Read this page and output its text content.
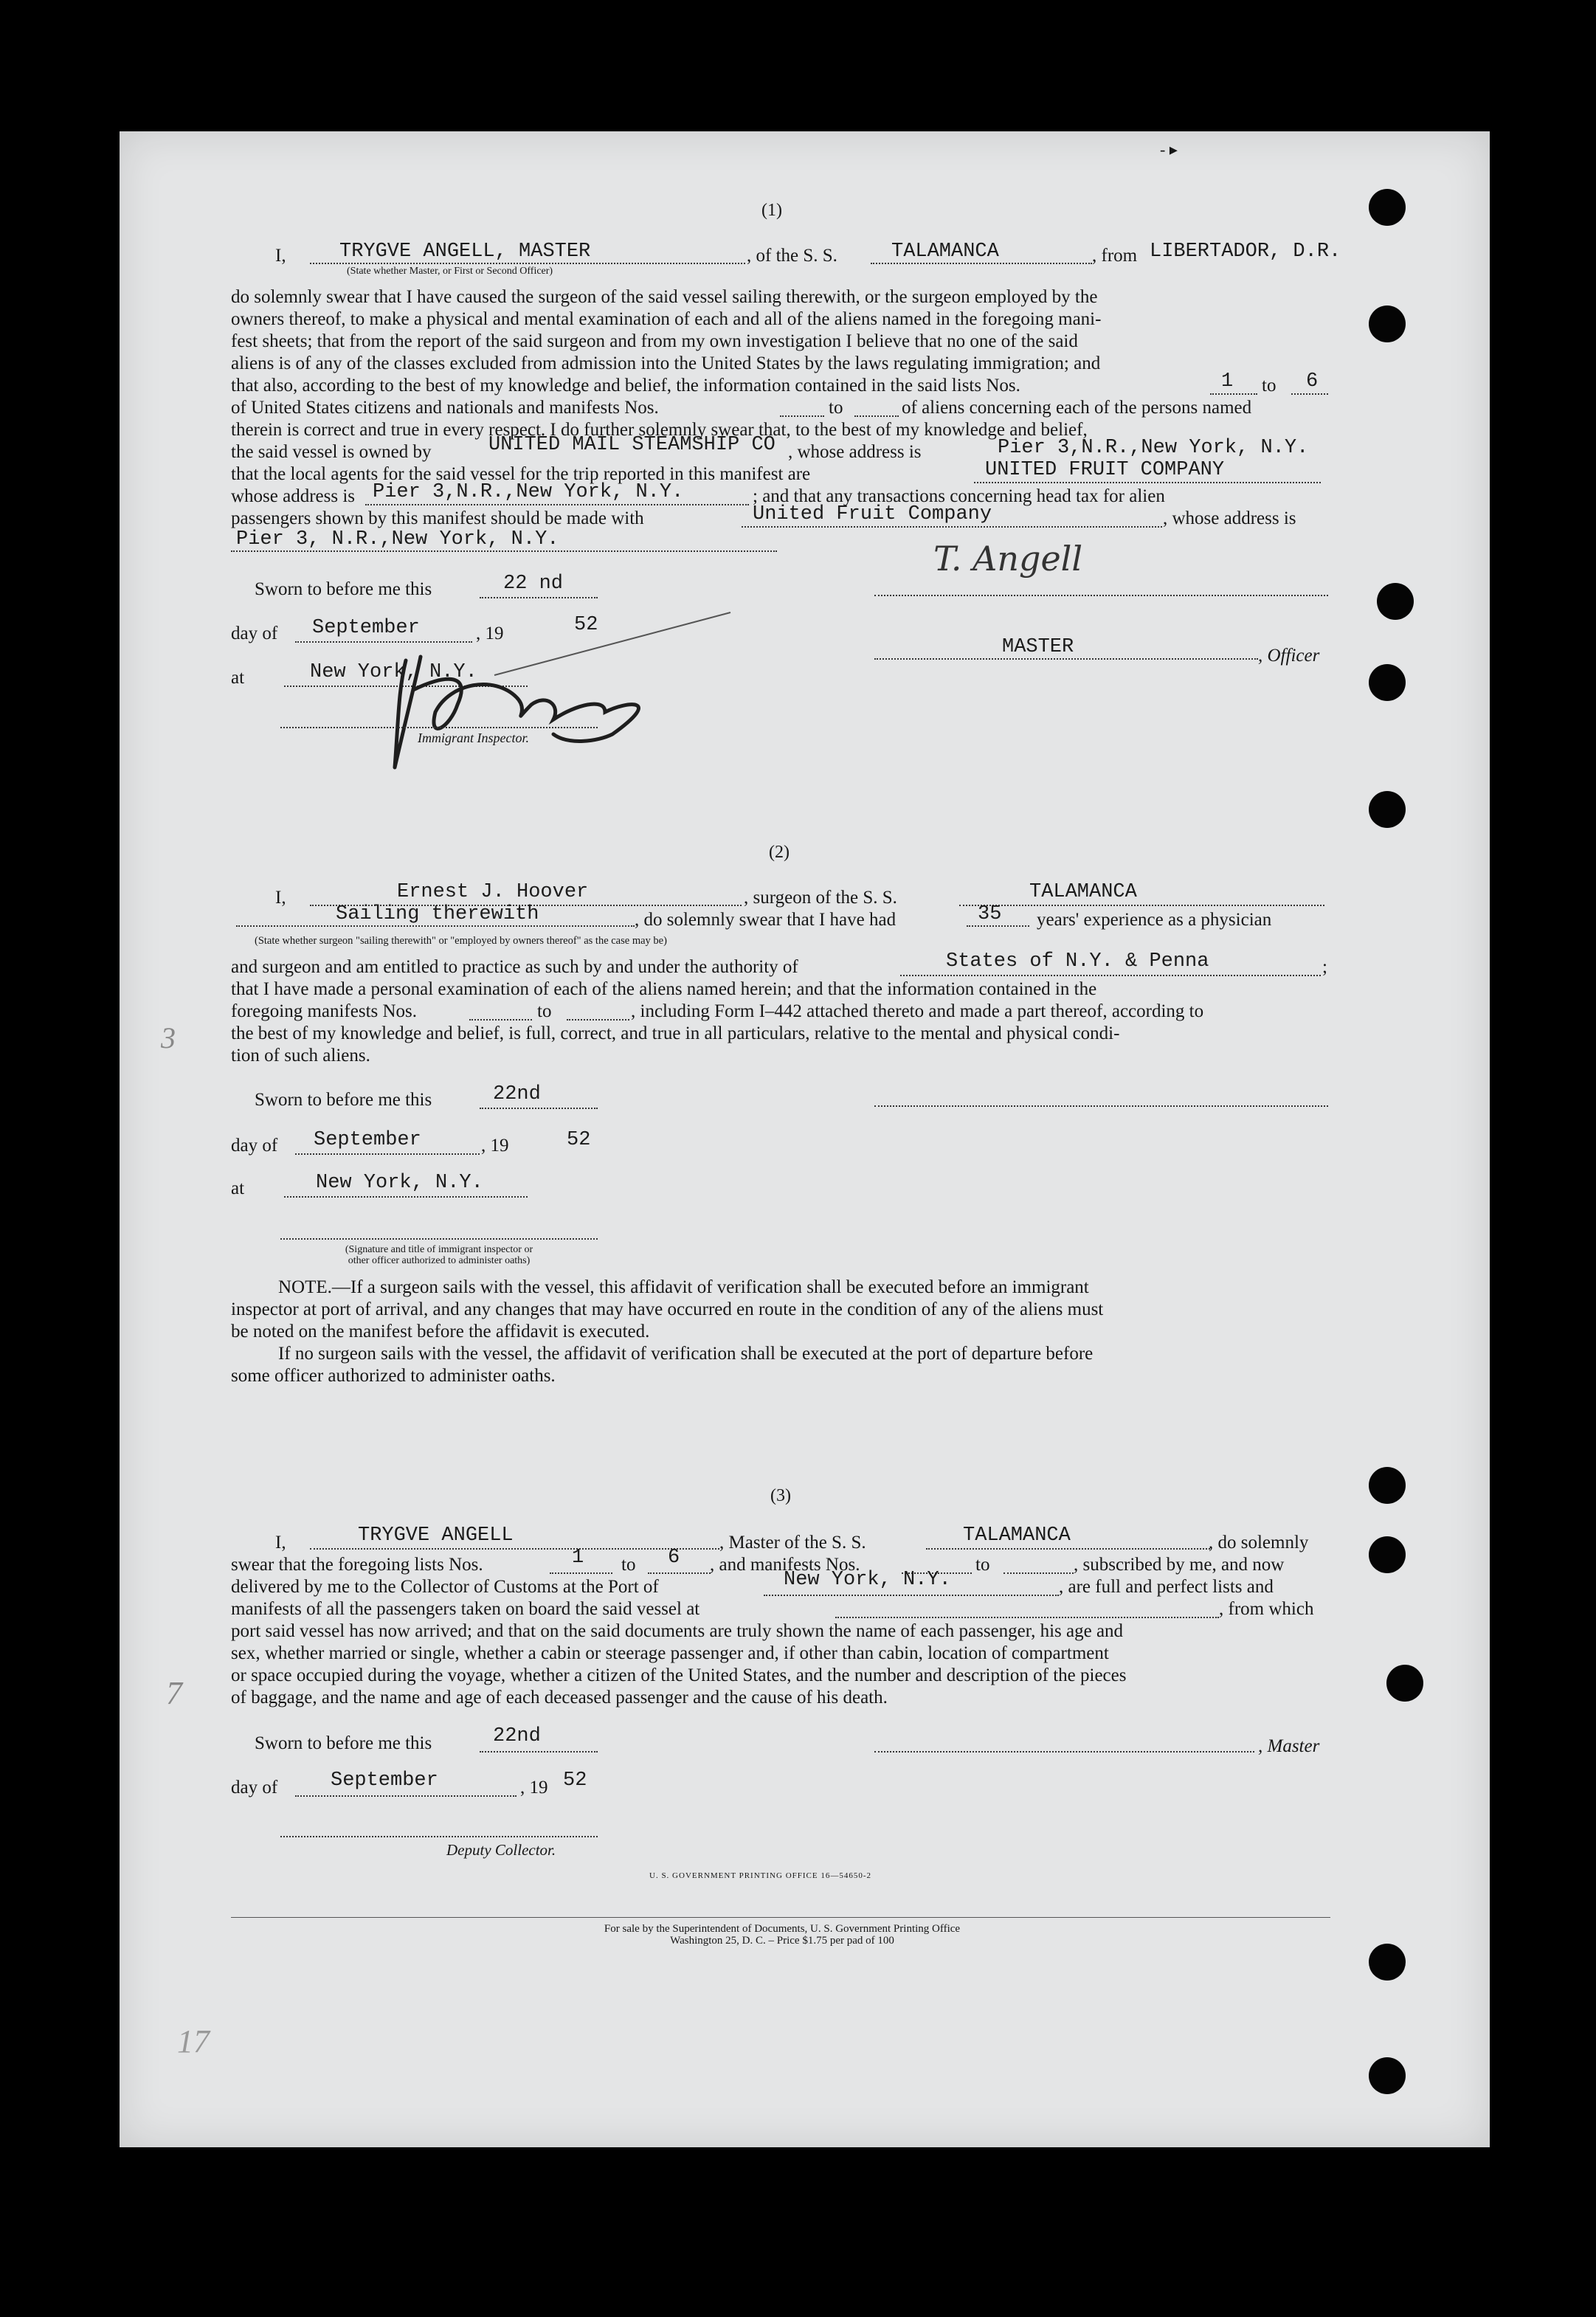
- ▸
(1)
I,	TRYGVE ANGELL, MASTER
(State whether Master, or First or Second Officer)
, of the S. S.	TALAMANCA	, from LIBERTADOR, D.R.
do solemnly swear that I have caused the surgeon of the said vessel sailing therewith, or the surgeon employed by the
owners thereof, to make a physical and mental examination of each and all of the aliens named in the foregoing mani-
fest sheets; that from the report of the said surgeon and from my own investigation I believe that no one of the said
aliens is of any of the classes excluded from admission into the United States by the laws regulating immigration; and
that also, according to the best of my knowledge and belief, the information contained in the said lists Nos.	1 to 6
of United States citizens and nationals and manifests Nos.	to	of aliens concerning each of the persons named
therein is correct and true in every respect. I do further solemnly swear that, to the best of my knowledge and belief,
the said vessel is owned by	UNITED MAIL STEAMSHIP CO , whose address is	Pier 3,N.R.,New York, N.Y.
that the local agents for the said vessel for the trip reported in this manifest are	UNITED FRUIT COMPANY
whose address is Pier 3,N.R.,New York, N.Y.	; and that any transactions concerning head tax for alien
passengers shown by this manifest should be made with	United Fruit Company	, whose address is
Pier 3, N.R.,New York, N.Y.
Sworn to before me this	22 nd
T. Angell
day of September	, 19	52
MASTER	, Officer
at	New York, N.Y.
Immigrant Inspector.
(2)
I,	Ernest J. Hoover	, surgeon of the S. S.	TALAMANCA
Sailing therewith	, do solemnly swear that I have had	35 years' experience as a physician
(State whether surgeon "sailing therewith" or "employed by owners thereof" as the case may be)
and surgeon and am entitled to practice as such by and under the authority of	States of N.Y. & Penna	;
that I have made a personal examination of each of the aliens named herein; and that the information contained in the
foregoing manifests Nos.	to	, including Form I–442 attached thereto and made a part thereof, according to
the best of my knowledge and belief, is full, correct, and true in all particulars, relative to the mental and physical condi-
tion of such aliens.
Sworn to before me this	22nd
day of September	, 19	52
at	New York, N.Y.
(Signature and title of immigrant inspector or
other officer authorized to administer oaths)
NOTE.—If a surgeon sails with the vessel, this affidavit of verification shall be executed before an immigrant
inspector at port of arrival, and any changes that may have occurred en route in the condition of any of the aliens must
be noted on the manifest before the affidavit is executed.
If no surgeon sails with the vessel, the affidavit of verification shall be executed at the port of departure before
some officer authorized to administer oaths.
(3)
I,	TRYGVE ANGELL	, Master of the S. S.	TALAMANCA	, do solemnly
swear that the foregoing lists Nos.	1 to 6 , and manifests Nos.	to	, subscribed by me, and now
delivered by me to the Collector of Customs at the Port of	New York, N.Y.	, are full and perfect lists and
manifests of all the passengers taken on board the said vessel at	, from which
port said vessel has now arrived; and that on the said documents are truly shown the name of each passenger, his age and
sex, whether married or single, whether a cabin or steerage passenger and, if other than cabin, location of compartment
or space occupied during the voyage, whether a citizen of the United States, and the number and description of the pieces
of baggage, and the name and age of each deceased passenger and the cause of his death.
Sworn to before me this	22nd	, Master
day of	September	, 19 52
Deputy Collector.
U. S. GOVERNMENT PRINTING OFFICE 16—54650-2
For sale by the Superintendent of Documents, U. S. Government Printing Office
Washington 25, D. C. – Price $1.75 per pad of 100
3
7
17
